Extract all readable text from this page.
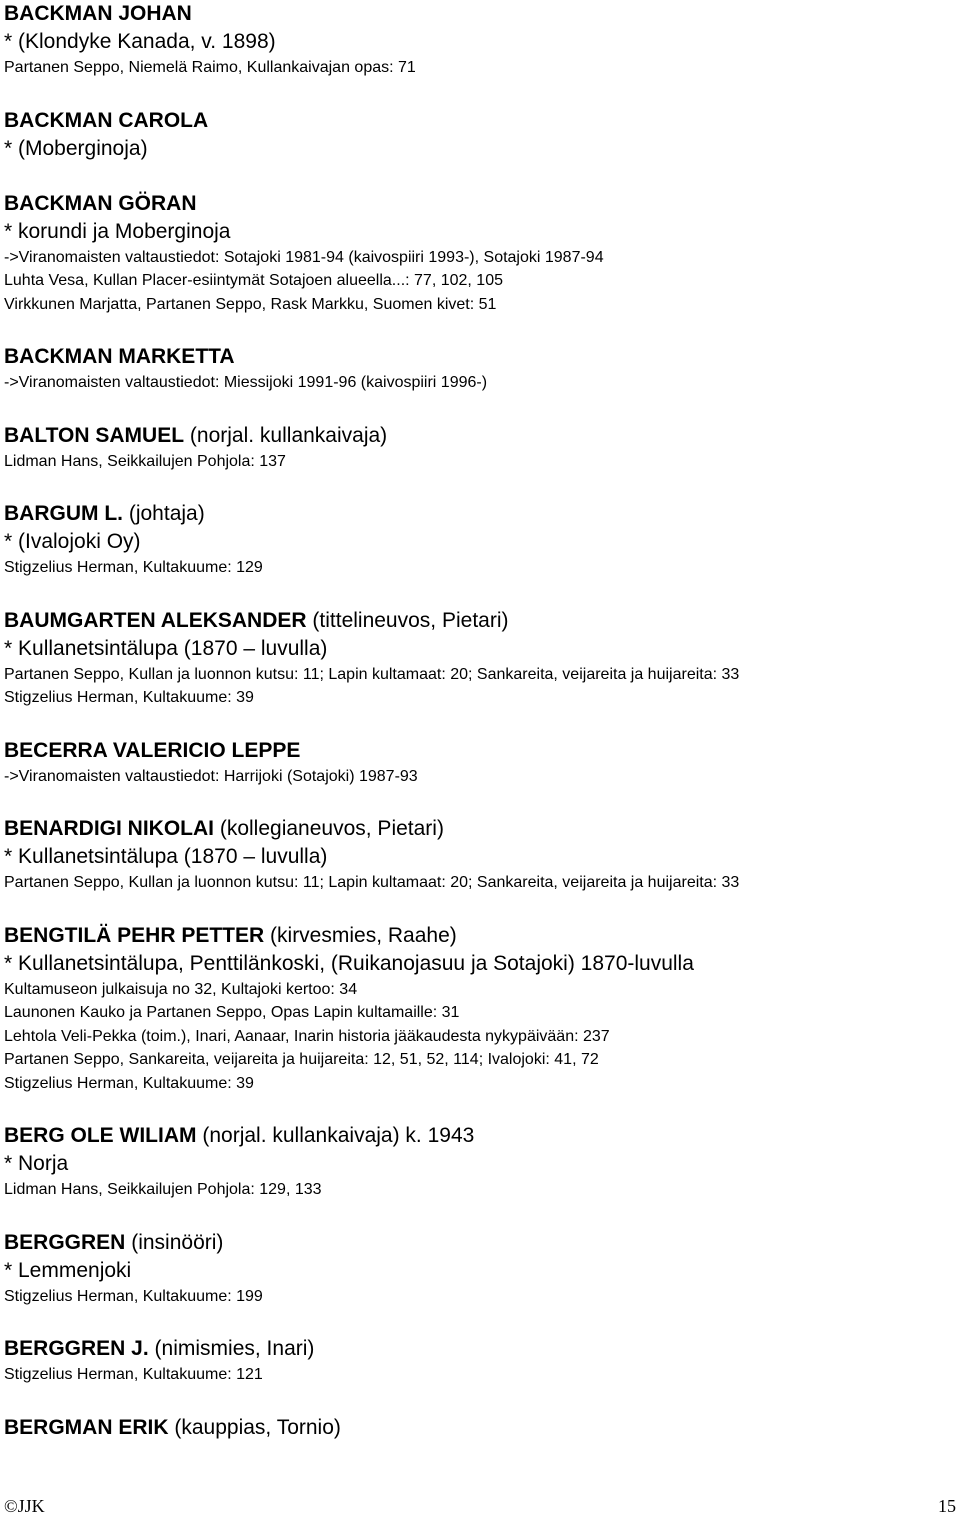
BACKMAN JOHAN
* (Klondyke Kanada, v. 1898)
Partanen Seppo, Niemelä Raimo, Kullankaivajan opas: 71
BACKMAN CAROLA
* (Moberginoja)
BACKMAN GÖRAN
* korundi ja Moberginoja
->Viranomaisten valtaustiedot: Sotajoki 1981-94 (kaivospiiri 1993-), Sotajoki 1987-94
Luhta Vesa, Kullan Placer-esiintymät Sotajoen alueella...: 77, 102, 105
Virkkunen Marjatta, Partanen Seppo, Rask Markku, Suomen kivet: 51
BACKMAN MARKETTA
->Viranomaisten valtaustiedot: Miessijoki 1991-96 (kaivospiiri 1996-)
BALTON SAMUEL (norjal. kullankaivaja)
Lidman Hans, Seikkailujen Pohjola: 137
BARGUM L. (johtaja)
* (Ivalojoki Oy)
Stigzelius Herman, Kultakuume: 129
BAUMGARTEN ALEKSANDER (tittelineuvos, Pietari)
* Kullanetsintälupa (1870 – luvulla)
Partanen Seppo, Kullan ja luonnon kutsu: 11; Lapin kultamaat: 20; Sankareita, veijareita ja huijareita: 33
Stigzelius Herman, Kultakuume: 39
BECERRA VALERICIO LEPPE
->Viranomaisten valtaustiedot: Harrijoki (Sotajoki) 1987-93
BENARDIGI NIKOLAI (kollegianeuvos, Pietari)
* Kullanetsintälupa (1870 – luvulla)
Partanen Seppo, Kullan ja luonnon kutsu: 11; Lapin kultamaat: 20; Sankareita, veijareita ja huijareita: 33
BENGTILÄ PEHR PETTER (kirvesmies, Raahe)
* Kullanetsintälupa, Penttilänkoski, (Ruikanojasuu ja Sotajoki) 1870-luvulla
Kultamuseon julkaisuja no 32, Kultajoki kertoo: 34
Launonen Kauko ja Partanen Seppo, Opas Lapin kultamaille: 31
Lehtola Veli-Pekka (toim.), Inari, Aanaar, Inarin historia jääkaudesta nykypäivään: 237
Partanen Seppo, Sankareita, veijareita ja huijareita: 12, 51, 52, 114; Ivalojoki: 41, 72
Stigzelius Herman, Kultakuume: 39
BERG OLE WILIAM (norjal. kullankaivaja) k. 1943
* Norja
Lidman Hans, Seikkailujen Pohjola: 129, 133
BERGGREN (insinööri)
* Lemmenjoki
Stigzelius Herman, Kultakuume: 199
BERGGREN J. (nimismies, Inari)
Stigzelius Herman, Kultakuume: 121
BERGMAN ERIK (kauppias, Tornio)
©JJK	15
